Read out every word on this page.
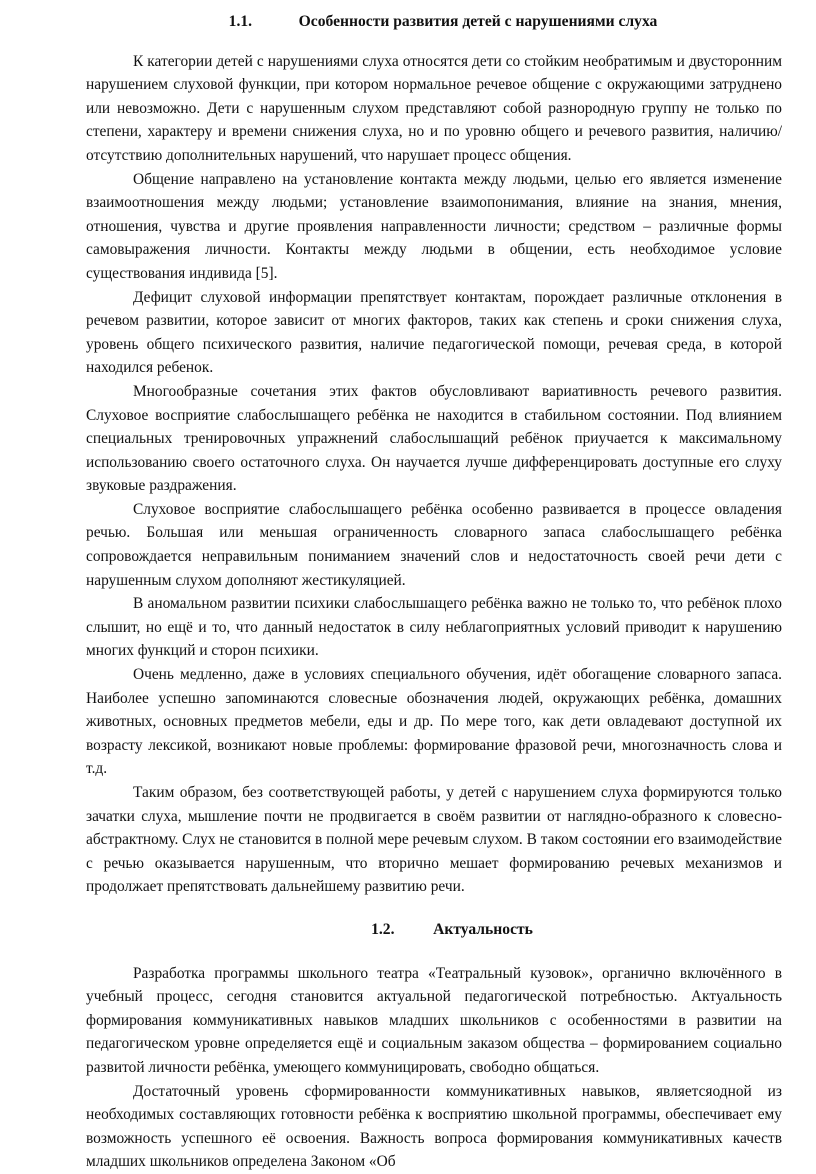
1.1.	Особенности развития детей с нарушениями слуха

К категории детей с нарушениями слуха относятся дети со стойким необратимым и двусторонним нарушением слуховой функции, при котором нормальное речевое общение с окружающими затруднено или невозможно. Дети с нарушенным слухом представляют собой разнородную группу не только по степени, характеру и времени снижения слуха, но и по уровню общего и речевого развития, наличию/отсутствию дополнительных нарушений, что нарушает процесс общения.

Общение направлено на установление контакта между людьми, целью его является изменение взаимоотношения между людьми; установление взаимопонимания, влияние на знания, мнения, отношения, чувства и другие проявления направленности личности; средством – различные формы самовыражения личности. Контакты между людьми в общении, есть необходимое условие существования индивида [5].

Дефицит слуховой информации препятствует контактам, порождает различные отклонения в речевом развитии, которое зависит от многих факторов, таких как степень и сроки снижения слуха, уровень общего психического развития, наличие педагогической помощи, речевая среда, в которой находился ребенок.

Многообразные сочетания этих фактов обусловливают вариативность речевого развития. Слуховое восприятие слабослышащего ребёнка не находится в стабильном состоянии. Под влиянием специальных тренировочных упражнений слабослышащий ребёнок приучается к максимальному использованию своего остаточного слуха. Он научается лучше дифференцировать доступные его слуху звуковые раздражения.

Слуховое восприятие слабослышащего ребёнка особенно развивается в процессе овладения речью. Большая или меньшая ограниченность словарного запаса слабослышащего ребёнка сопровождается неправильным пониманием значений слов и недостаточность своей речи дети с нарушенным слухом дополняют жестикуляцией.

В аномальном развитии психики слабослышащего ребёнка важно не только то, что ребёнок плохо слышит, но ещё и то, что данный недостаток в силу неблагоприятных условий приводит к нарушению многих функций и сторон психики.

Очень медленно, даже в условиях специального обучения, идёт обогащение словарного запаса. Наиболее успешно запоминаются словесные обозначения людей, окружающих ребёнка, домашних животных, основных предметов мебели, еды и др. По мере того, как дети овладевают доступной их возрасту лексикой, возникают новые проблемы: формирование фразовой речи, многозначность слова и т.д.

Таким образом, без соответствующей работы, у детей с нарушением слуха формируются только зачатки слуха, мышление почти не продвигается в своём развитии от наглядно-образного к словесно-абстрактному. Слух не становится в полной мере речевым слухом. В таком состоянии его взаимодействие с речью оказывается нарушенным, что вторично мешает формированию речевых механизмов и продолжает препятствовать дальнейшему развитию речи.

1.2.	Актуальность

Разработка программы школьного театра «Театральный кузовок», органично включённого в учебный процесс, сегодня становится актуальной педагогической потребностью. Актуальность формирования коммуникативных навыков младших школьников с особенностями в развитии на педагогическом уровне определяется ещё и социальным заказом общества – формированием социально развитой личности ребёнка, умеющего коммуницировать, свободно общаться.

Достаточный уровень сформированности коммуникативных навыков, являетсяодной из необходимых составляющих готовности ребёнка к восприятию школьной программы, обеспечивает ему возможность успешного её освоения. Важность вопроса формирования коммуникативных качеств младших школьников определена Законом «Об
